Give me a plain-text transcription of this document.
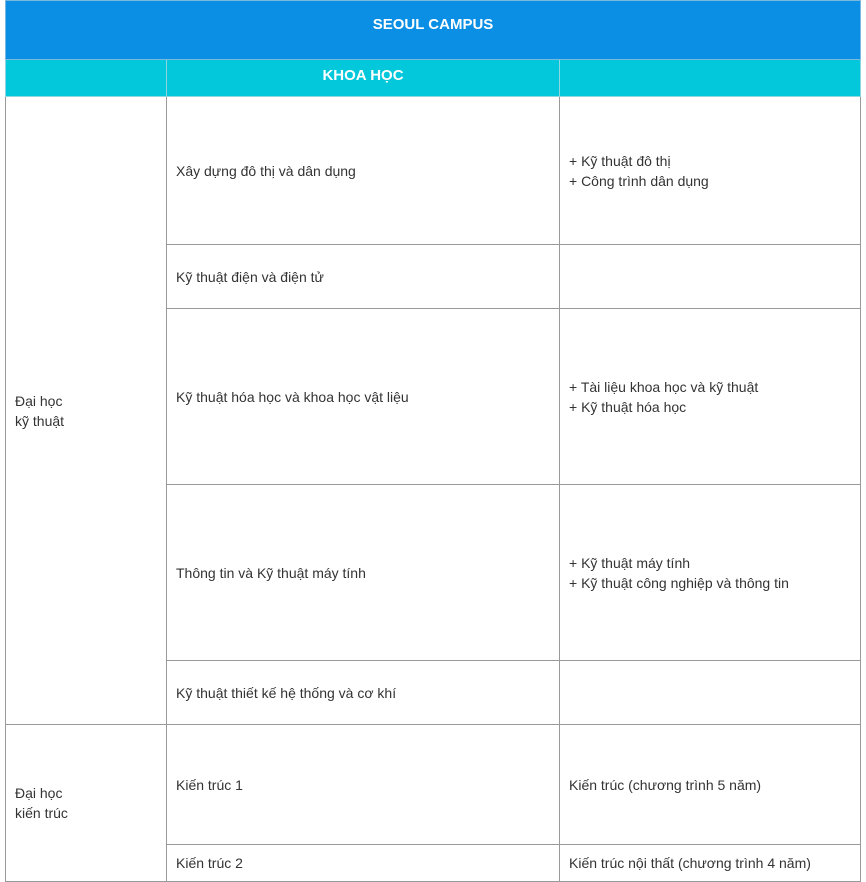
SEOUL CAMPUS		
	KHOA HỌC	

Đại học
kỹ thuật	Xây dựng đô thị và dân dụng	+ Kỹ thuật đô thị
+ Công trình dân dụng

	Kỹ thuật điện và điện tử	
	Kỹ thuật hóa học và khoa học vật liệu	+ Tài liệu khoa học và kỹ thuật
+ Kỹ thuật hóa học

	Thông tin và Kỹ thuật máy tính	+ Kỹ thuật máy tính
+ Kỹ thuật công nghiệp và thông tin

	Kỹ thuật thiết kế hệ thống và cơ khí	

Đại học
kiến trúc	Kiến trúc 1	Kiến trúc (chương trình 5 năm)

	Kiến trúc 2	Kiến trúc nội thất (chương trình 4 năm)
